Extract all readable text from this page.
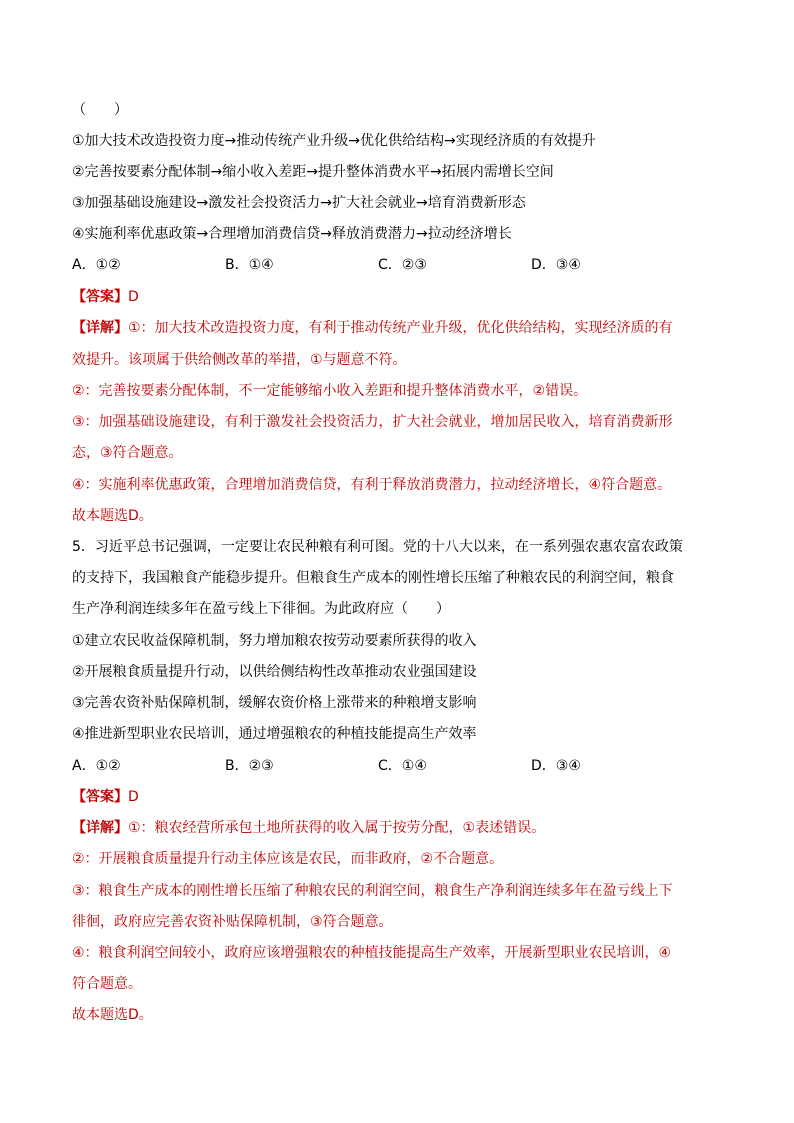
（　　）
①加大技术改造投资力度→推动传统产业升级→优化供给结构→实现经济质的有效提升
②完善按要素分配体制→缩小收入差距→提升整体消费水平→拓展内需增长空间
③加强基础设施建设→激发社会投资活力→扩大社会就业→培育消费新形态
④实施利率优惠政策→合理增加消费信贷→释放消费潜力→拉动经济增长
A．①②	B．①④	C．②③	D．③④
【答案】D
【详解】①：加大技术改造投资力度，有利于推动传统产业升级，优化供给结构，实现经济质的有
效提升。该项属于供给侧改革的举措，①与题意不符。
②：完善按要素分配体制，不一定能够缩小收入差距和提升整体消费水平，②错误。
③：加强基础设施建设，有利于激发社会投资活力，扩大社会就业，增加居民收入，培育消费新形
态，③符合题意。
④：实施利率优惠政策，合理增加消费信贷，有利于释放消费潜力，拉动经济增长，④符合题意。
故本题选D。
5．习近平总书记强调，一定要让农民种粮有利可图。党的十八大以来，在一系列强农惠农富农政策
的支持下，我国粮食产能稳步提升。但粮食生产成本的刚性增长压缩了种粮农民的利润空间，粮食
生产净利润连续多年在盈亏线上下徘徊。为此政府应（　　）
①建立农民收益保障机制，努力增加粮农按劳动要素所获得的收入
②开展粮食质量提升行动，以供给侧结构性改革推动农业强国建设
③完善农资补贴保障机制，缓解农资价格上涨带来的种粮增支影响
④推进新型职业农民培训，通过增强粮农的种植技能提高生产效率
A．①②	B．②③	C．①④	D．③④
【答案】D
【详解】①：粮农经营所承包土地所获得的收入属于按劳分配，①表述错误。
②：开展粮食质量提升行动主体应该是农民，而非政府，②不合题意。
③：粮食生产成本的刚性增长压缩了种粮农民的利润空间，粮食生产净利润连续多年在盈亏线上下
徘徊，政府应完善农资补贴保障机制，③符合题意。
④：粮食利润空间较小，政府应该增强粮农的种植技能提高生产效率，开展新型职业农民培训，④
符合题意。
故本题选D。
